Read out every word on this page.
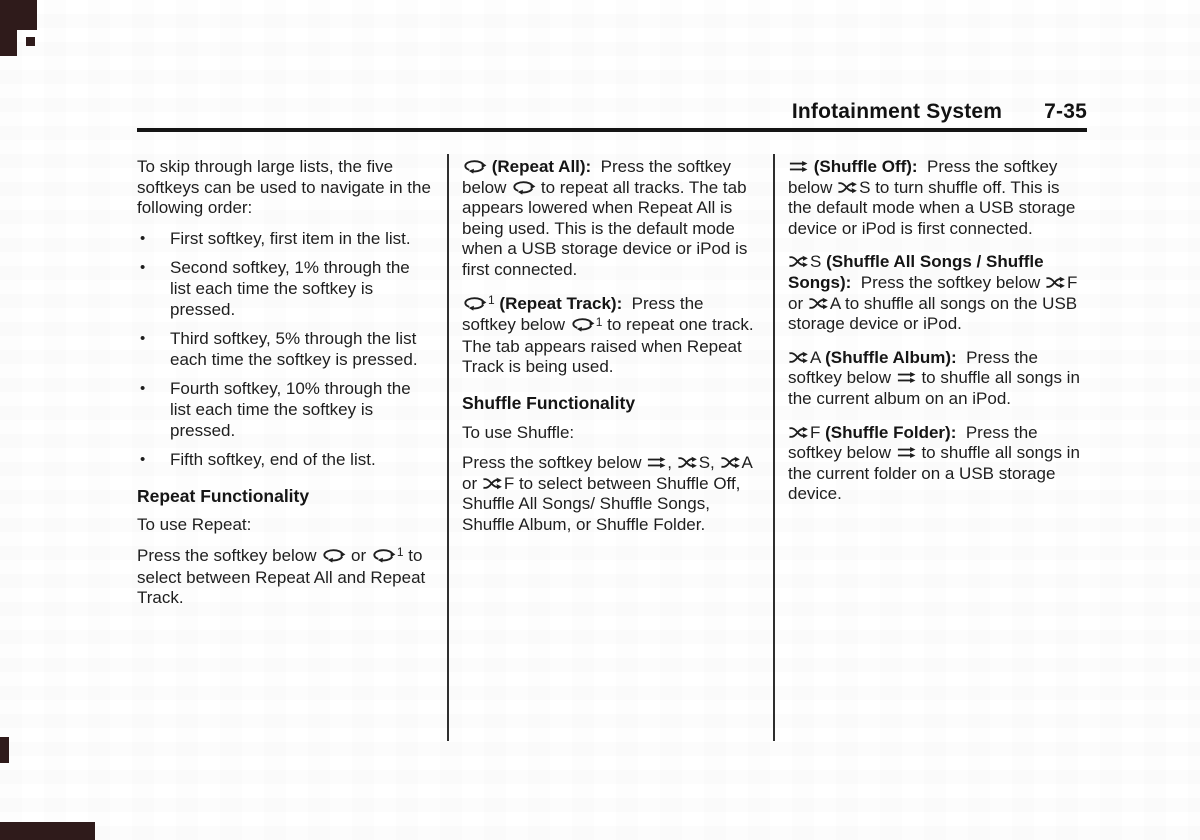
Infotainment System 7-35

To skip through large lists, the five softkeys can be used to navigate in the following order:

•	First softkey, first item in the list.
•	Second softkey, 1% through the list each time the softkey is pressed.
•	Third softkey, 5% through the list each time the softkey is pressed.
•	Fourth softkey, 10% through the list each time the softkey is pressed.
•	Fifth softkey, end of the list.
Repeat Functionality

To use Repeat:

Press the softkey below  or $^1$ to select between Repeat All and Repeat Track.

(Repeat All):  Press the softkey below  to repeat all tracks. The tab appears lowered when Repeat All is being used. This is the default mode when a USB storage device or iPod is first connected.

$^1$ (Repeat Track):  Press the softkey below $^1$ to repeat one track. The tab appears raised when Repeat Track is being used.

Shuffle Functionality

To use Shuffle:

Press the softkey below , S, A or F to select between Shuffle Off, Shuffle All Songs/ Shuffle Songs, Shuffle Album, or Shuffle Folder.

(Shuffle Off):  Press the softkey below S to turn shuffle off. This is the default mode when a USB storage device or iPod is first connected.

S (Shuffle All Songs / Shuffle Songs):  Press the softkey below F or A to shuffle all songs on the USB storage device or iPod.

A (Shuffle Album):  Press the softkey below  to shuffle all songs in the current album on an iPod.

F (Shuffle Folder):  Press the softkey below  to shuffle all songs in the current folder on a USB storage device.
